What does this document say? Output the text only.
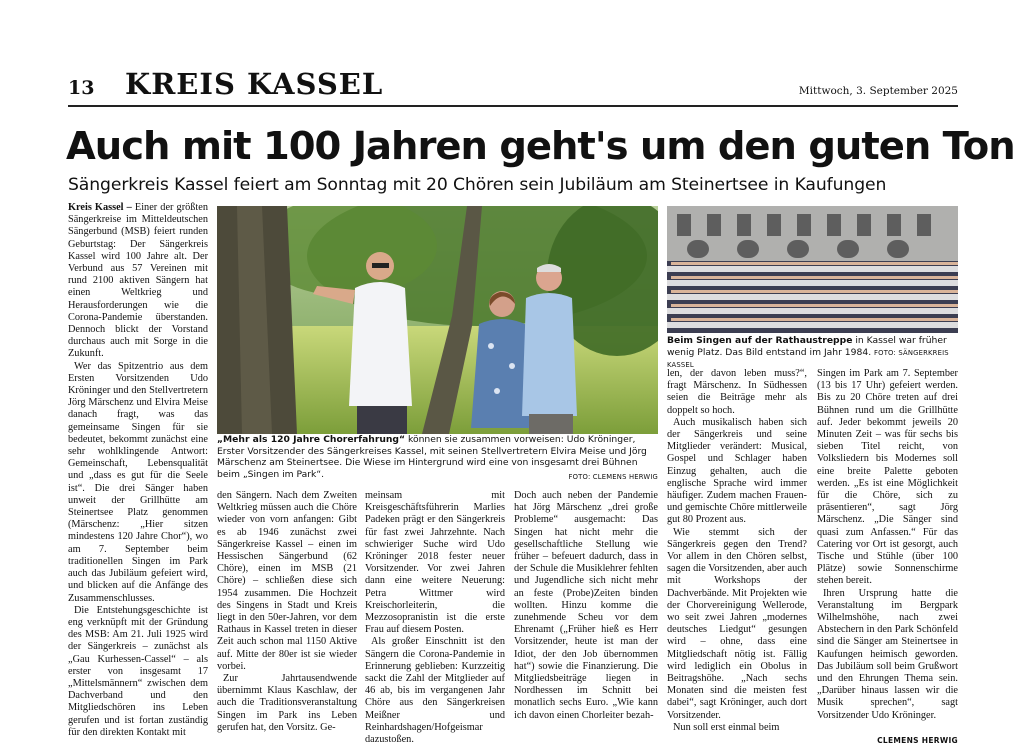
13 KREIS KASSEL	Mittwoch, 3. September 2025
Auch mit 100 Jahren geht's um den guten Ton
Sängerkreis Kassel feiert am Sonntag mit 20 Chören sein Jubiläum am Steinertsee in Kaufungen

Kreis Kassel – Einer der größten Sängerkreise im Mitteldeutschen Sängerbund (MSB) feiert runden Geburtstag: Der Sängerkreis Kassel wird 100 Jahre alt. Der Verbund aus 57 Vereinen mit rund 2100 aktiven Sängern hat einen Weltkrieg und Herausforderungen wie die Corona-Pandemie überstanden. Dennoch blickt der Vorstand durchaus auch mit Sorge in die Zukunft.

Wer das Spitzentrio aus dem Ersten Vorsitzenden Udo Kröninger und den Stellvertretern Jörg Märschenz und Elvira Meise danach fragt, was das gemeinsame Singen für sie bedeutet, bekommt zunächst eine sehr wohlklingende Antwort: Gemeinschaft, Lebensqualität und „dass es gut für die Seele ist“. Die drei Sänger haben unweit der Grillhütte am Steinertsee Platz genommen (Märschenz: „Hier sitzen mindestens 120 Jahre Chor“), wo am 7. September beim traditionellen Singen im Park auch das Jubiläum gefeiert wird, und blicken auf die Anfänge des Zusammenschlusses.

Die Entstehungsgeschichte ist eng verknüpft mit der Gründung des MSB: Am 21. Juli 1925 wird der Sängerkreis – zunächst als „Gau Kurhessen-Cassel“ – als erster von insgesamt 17 „Mittelsmännern“ zwischen dem Dachverband und den Mitgliedschören ins Leben gerufen und ist fortan zuständig für den direkten Kontakt mit

„Mehr als 120 Jahre Chorerfahrung“ können sie zusammen vorweisen: Udo Kröninger, Erster Vorsitzender des Sängerkreises Kassel, mit seinen Stellvertretern Elvira Meise und Jörg Märschenz am Steinertsee. Die Wiese im Hintergrund wird eine von insgesamt drei Bühnen beim „Singen im Park“.	FOTO: CLEMENS HERWIG
Beim Singen auf der Rathaustreppe in Kassel war früher wenig Platz. Das Bild entstand im Jahr 1984. FOTO: SÄNGERKREIS KASSEL

den Sängern. Nach dem Zweiten Weltkrieg müssen auch die Chöre wieder von vorn anfangen: Gibt es ab 1946 zunächst zwei Sängerkreise Kassel – einen im Hessischen Sängerbund (62 Chöre), einen im MSB (21 Chöre) – schließen diese sich 1954 zusammen. Die Hochzeit des Singens in Stadt und Kreis liegt in den 50er-Jahren, vor dem Rathaus in Kassel treten in dieser Zeit auch schon mal 1150 Aktive auf. Mitte der 80er ist sie wieder vorbei.

Zur Jahrtausendwende übernimmt Klaus Kaschlaw, der auch die Traditionsveranstaltung Singen im Park ins Leben gerufen hat, den Vorsitz. Ge-

meinsam mit Kreisgeschäftsführerin Marlies Padeken prägt er den Sängerkreis für fast zwei Jahrzehnte. Nach schwieriger Suche wird Udo Kröninger 2018 fester neuer Vorsitzender. Vor zwei Jahren dann eine weitere Neuerung: Petra Wittmer wird Kreischorleiterin, die Mezzosopranistin ist die erste Frau auf diesem Posten.

Als großer Einschnitt ist den Sängern die Corona-Pandemie in Erinnerung geblieben: Kurzzeitig sackt die Zahl der Mitglieder auf 46 ab, bis im vergangenen Jahr Chöre aus den Sängerkreisen Meißner und Reinhardshagen/Hofgeismar dazustoßen.

Doch auch neben der Pandemie hat Jörg Märschenz „drei große Probleme“ ausgemacht: Das Singen hat nicht mehr die gesellschaftliche Stellung wie früher – befeuert dadurch, dass in der Schule die Musiklehrer fehlten und Jugendliche sich nicht mehr an feste (Probe)Zeiten binden wollten. Hinzu komme die zunehmende Scheu vor dem Ehrenamt („Früher hieß es Herr Vorsitzender, heute ist man der Idiot, der den Job übernommen hat“) sowie die Finanzierung. Die Mitgliedsbeiträge liegen in Nordhessen im Schnitt bei monatlich sechs Euro. „Wie kann ich davon einen Chorleiter bezah-

len, der davon leben muss?“, fragt Märschenz. In Südhessen seien die Beiträge mehr als doppelt so hoch.

Auch musikalisch haben sich der Sängerkreis und seine Mitglieder verändert: Musical, Gospel und Schlager haben Einzug gehalten, auch die englische Sprache wird immer häufiger. Zudem machen Frauen- und gemischte Chöre mittlerweile gut 80 Prozent aus.

Wie stemmt sich der Sängerkreis gegen den Trend? Vor allem in den Chören selbst, sagen die Vorsitzenden, aber auch mit Workshops der Dachverbände. Mit Projekten wie der Chorvereinigung Wellerode, wo seit zwei Jahren „modernes deutsches Liedgut“ gesungen wird – ohne, dass eine Mitgliedschaft nötig ist. Fällig wird lediglich ein Obolus in Beitragshöhe. „Nach sechs Monaten sind die meisten fest dabei“, sagt Kröninger, auch dort Vorsitzender.

Nun soll erst einmal beim

Singen im Park am 7. September (13 bis 17 Uhr) gefeiert werden. Bis zu 20 Chöre treten auf drei Bühnen rund um die Grillhütte auf. Jeder bekommt jeweils 20 Minuten Zeit – was für sechs bis sieben Titel reicht, von Volksliedern bis Modernes soll eine breite Palette geboten werden. „Es ist eine Möglichkeit für die Chöre, sich zu präsentieren“, sagt Jörg Märschenz. „Die Sänger sind quasi zum Anfassen.“ Für das Catering vor Ort ist gesorgt, auch Tische und Stühle (über 100 Plätze) sowie Sonnenschirme stehen bereit.

Ihren Ursprung hatte die Veranstaltung im Bergpark Wilhelmshöhe, nach zwei Abstechern in den Park Schönfeld sind die Sänger am Steinertsee in Kaufungen heimisch geworden. Das Jubiläum soll beim Grußwort und den Ehrungen Thema sein. „Darüber hinaus lassen wir die Musik sprechen“, sagt Vorsitzender Udo Kröninger.

CLEMENS HERWIG
